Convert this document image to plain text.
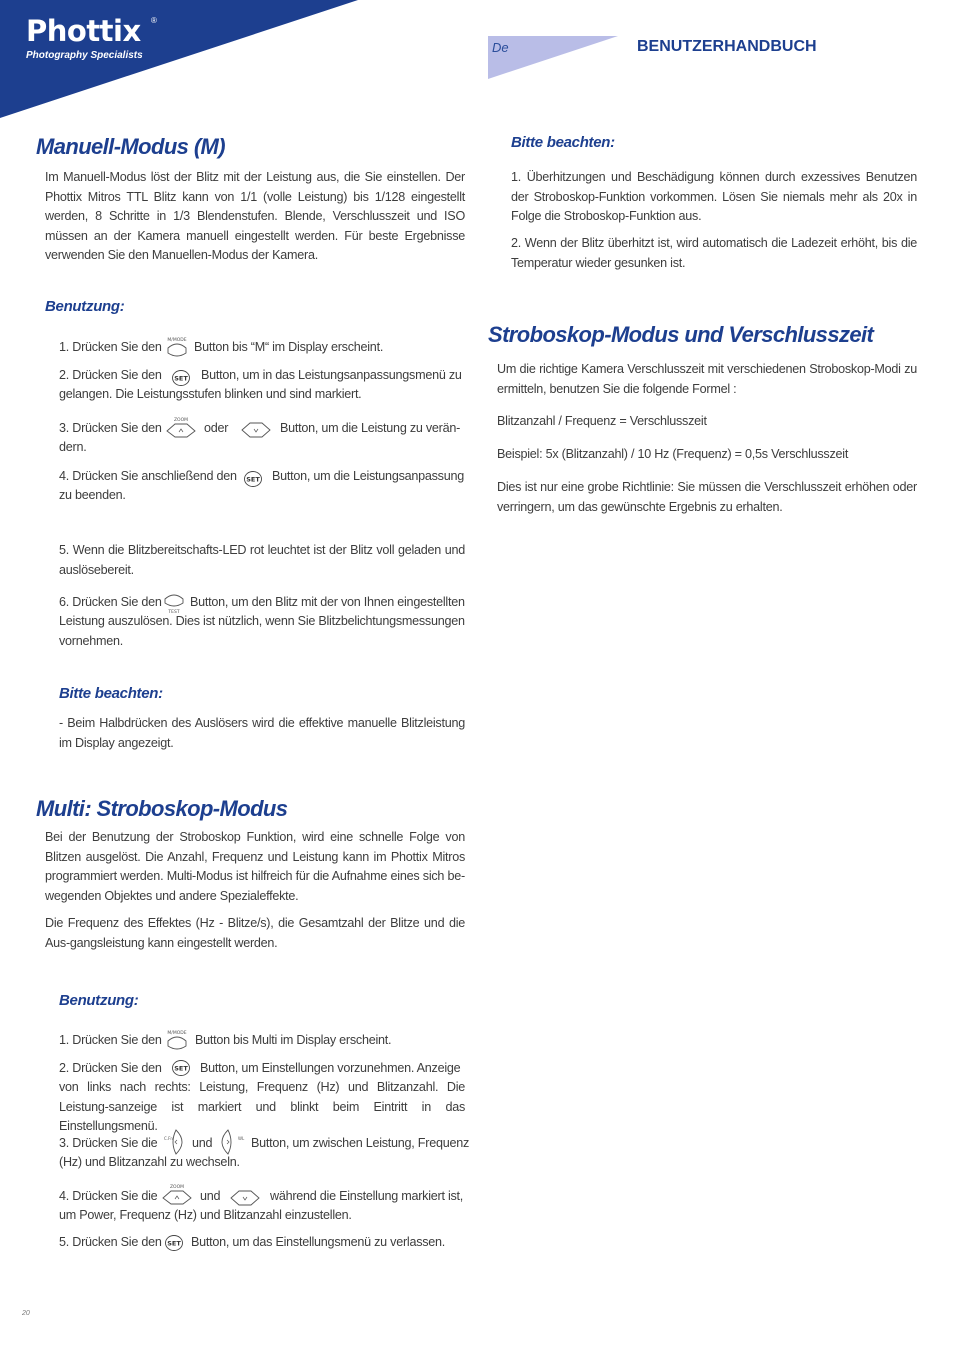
Phottix ®
Photography Specialists
De	BENUTZERHANDBUCH
Manuell-Modus (M)
Im Manuell-Modus löst der Blitz mit der Leistung aus, die Sie einstellen. Der Phottix Mitros TTL Blitz kann von 1/1 (volle Leistung) bis 1/128 eingestellt werden, 8 Schritte in 1/3 Blendenstufen. Blende, Verschlusszeit und ISO müssen an der Kamera manuell eingestellt werden. Für beste Ergebnisse verwenden Sie den Manuellen-Modus der Kamera.
Benutzung:
1. Drücken Sie den M/MODE Button bis “M“ im Display erscheint.
2. Drücken Sie den SET Button, um in das Leistungsanpassungsmenü zu
gelangen. Die Leistungsstufen blinken und sind markiert.
3. Drücken Sie den
ZOOM
oder	Button, um die Leistung zu verän-
dern.
4. Drücken Sie anschließend den SET Button, um die Leistungsanpassung
zu beenden.
5. Wenn die Blitzbereitschafts-LED rot leuchtet ist der Blitz voll geladen und auslösebereit.
6. Drücken Sie den
TEST
Button, um den Blitz mit der von Ihnen eingestellten
Leistung auszulösen. Dies ist nützlich, wenn Sie Blitzbelichtungsmessungen vornehmen.
Bitte beachten:
- Beim Halbdrücken des Auslösers wird die effektive manuelle Blitzleistung im Display angezeigt.
Multi: Stroboskop-Modus
Bei der Benutzung der Stroboskop Funktion, wird eine schnelle Folge von Blitzen ausgelöst. Die Anzahl, Frequenz und Leistung kann im Phottix Mitros programmiert werden. Multi-Modus ist hilfreich für die Aufnahme eines sich be-wegenden Objektes und andere Spezialeffekte.
Die Frequenz des Effektes (Hz - Blitze/s), die Gesamtzahl der Blitze und die Aus-gangsleistung kann eingestellt werden.
Benutzung:
1. Drücken Sie den M/MODE Button bis Multi im Display erscheint.
2. Drücken Sie den SET Button, um Einstellungen vorzunehmen. Anzeige
von links nach rechts: Leistung, Frequenz (Hz) und Blitzanzahl. Die Leistung-sanzeige ist markiert und blinkt beim Eintritt in das Einstellungsmenü.
3. Drücken Sie die C.Fn und	WL Button, um zwischen Leistung, Frequenz
(Hz) und Blitzanzahl zu wechseln.
4. Drücken Sie die
ZOOM
und	während die Einstellung markiert ist,
um Power, Frequenz (Hz) und Blitzanzahl einzustellen.
5. Drücken Sie den SET Button, um das Einstellungsmenü zu verlassen.
Bitte beachten:
1. Überhitzungen und Beschädigung können durch exzessives Benutzen der Stroboskop-Funktion vorkommen. Lösen Sie niemals mehr als 20x in Folge die Stroboskop-Funktion aus.
2. Wenn der Blitz überhitzt ist, wird automatisch die Ladezeit erhöht, bis die Temperatur wieder gesunken ist.
Stroboskop-Modus und Verschlusszeit
Um die richtige Kamera Verschlusszeit mit verschiedenen Stroboskop-Modi zu ermitteln, benutzen Sie die folgende Formel :
Blitzanzahl / Frequenz = Verschlusszeit
Beispiel: 5x (Blitzanzahl) / 10 Hz (Frequenz) = 0,5s Verschlusszeit
Dies ist nur eine grobe Richtlinie: Sie müssen die Verschlusszeit erhöhen oder verringern, um das gewünschte Ergebnis zu erhalten.
20
